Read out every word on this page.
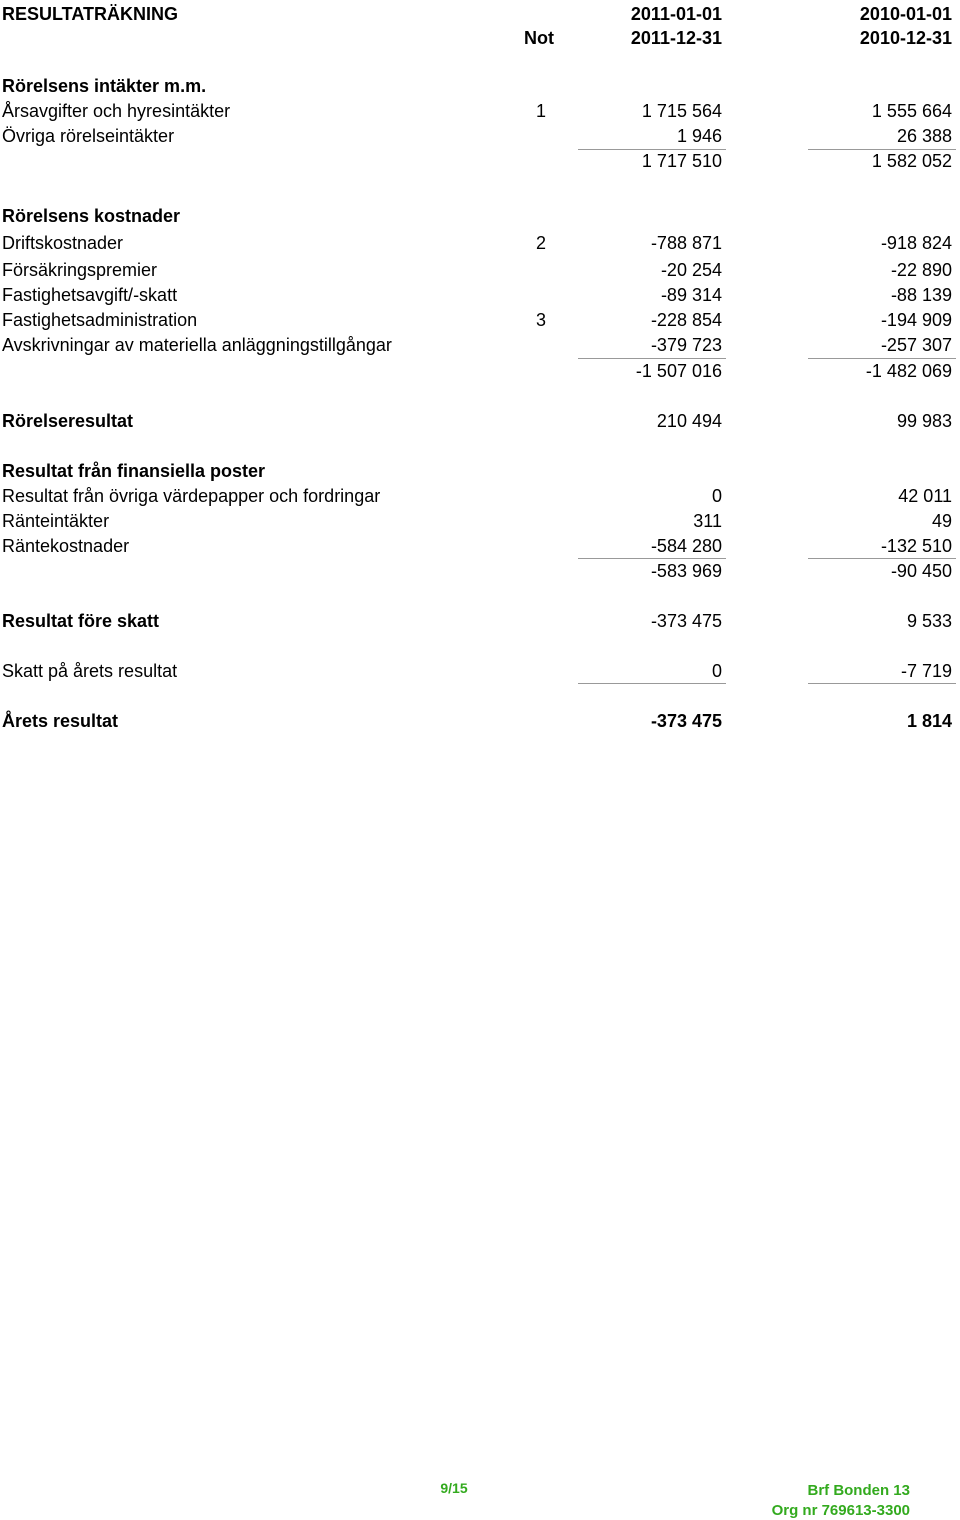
RESULTATRÄKNING	2011-01-01	2010-01-01
Not	2011-12-31	2010-12-31
Rörelsens intäkter m.m.
Årsavgifter och hyresintäkter	1	1 715 564	1 555 664
Övriga rörelseintäkter	1 946	26 388
1 717 510	1 582 052
Rörelsens kostnader
Driftskostnader	2	-788 871	-918 824
Försäkringspremier	-20 254	-22 890
Fastighetsavgift/-skatt	-89 314	-88 139
Fastighetsadministration	3	-228 854	-194 909
Avskrivningar av materiella anläggningstillgångar	-379 723	-257 307
-1 507 016	-1 482 069
Rörelseresultat	210 494	99 983
Resultat från finansiella poster
Resultat från övriga värdepapper och fordringar	0	42 011
Ränteintäkter	311	49
Räntekostnader	-584 280	-132 510
-583 969	-90 450
Resultat före skatt	-373 475	9 533
Skatt på årets resultat	0	-7 719
Årets resultat	-373 475	1 814
9/15	Brf Bonden 13
Org nr 769613-3300
